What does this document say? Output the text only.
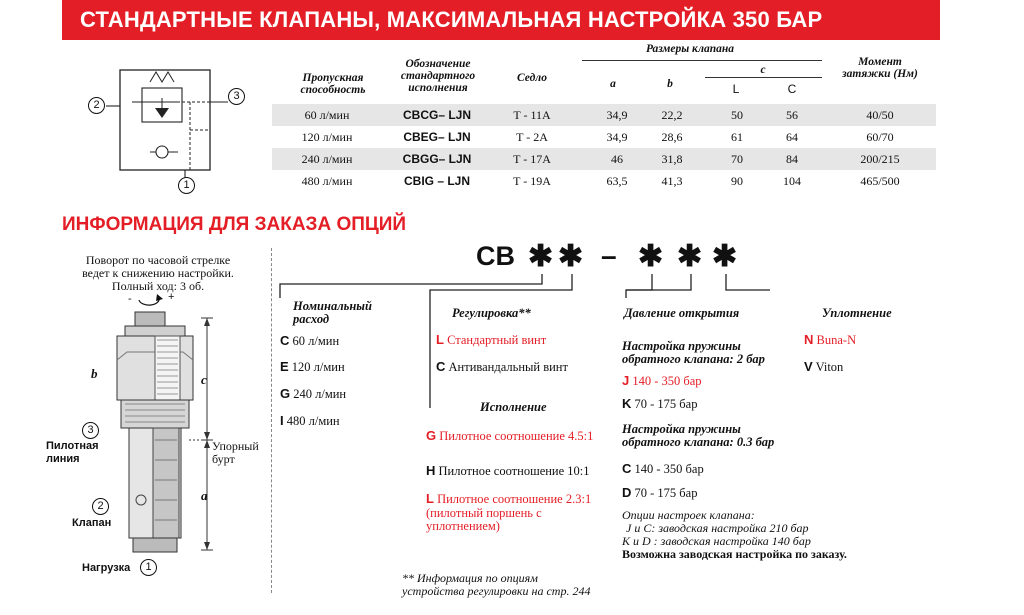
СТАНДАРТНЫЕ КЛАПАНЫ, МАКСИМАЛЬНАЯ НАСТРОЙКА 350 БАР
2
3
1
Пропускная способность
Обозначение стандартного исполнения
Седло
Размеры клапана
a	b
c
L	C
Момент затяжки (Нм)
60 л/мин	CBCG– LJN	T - 11A	34,9	22,2	50	56	40/50
120 л/мин	CBEG– LJN	T - 2A	34,9	28,6	61	64	60/70
240 л/мин	CBGG– LJN	T - 17A	46	31,8	70	84	200/215
480 л/мин	CBIG – LJN	T - 19A	63,5	41,3	90	104	465/500
ИНФОРМАЦИЯ ДЛЯ ЗАКАЗА ОПЦИЙ
Поворот по часовой стрелке
ведет к снижению настройки.
Полный ход: 3 об.
-	+
b	c
a
Упорный
бурт
3
Пилотная
линия
2
Клапан
Нагрузка	1
CB ✱ ✱ – ✱ ✱ ✱
Номинальный
расход
C 60 л/мин
E 120 л/мин
G 240 л/мин
I 480 л/мин
Регулировка**
L Стандартный винт
C Антивандальный винт
Исполнение
G Пилотное соотношение 4.5:1
H Пилотное соотношение 10:1
L Пилотное соотношение 2.3:1
(пилотный поршень с
уплотнением)
Давление открытия
Настройка пружины
обратного клапана: 2 бар
J 140 - 350 бар
K 70 - 175 бар
Настройка пружины
обратного клапана: 0.3 бар
C 140 - 350 бар
D 70 - 175 бар
Опции настроек клапана:
J и C: заводская настройка 210 бар
K и D : заводская настройка 140 бар
Возможна заводская настройка по заказу.
Уплотнение
N Buna-N
V Viton
** Информация по опциям
устройства регулировки на стр. 244
